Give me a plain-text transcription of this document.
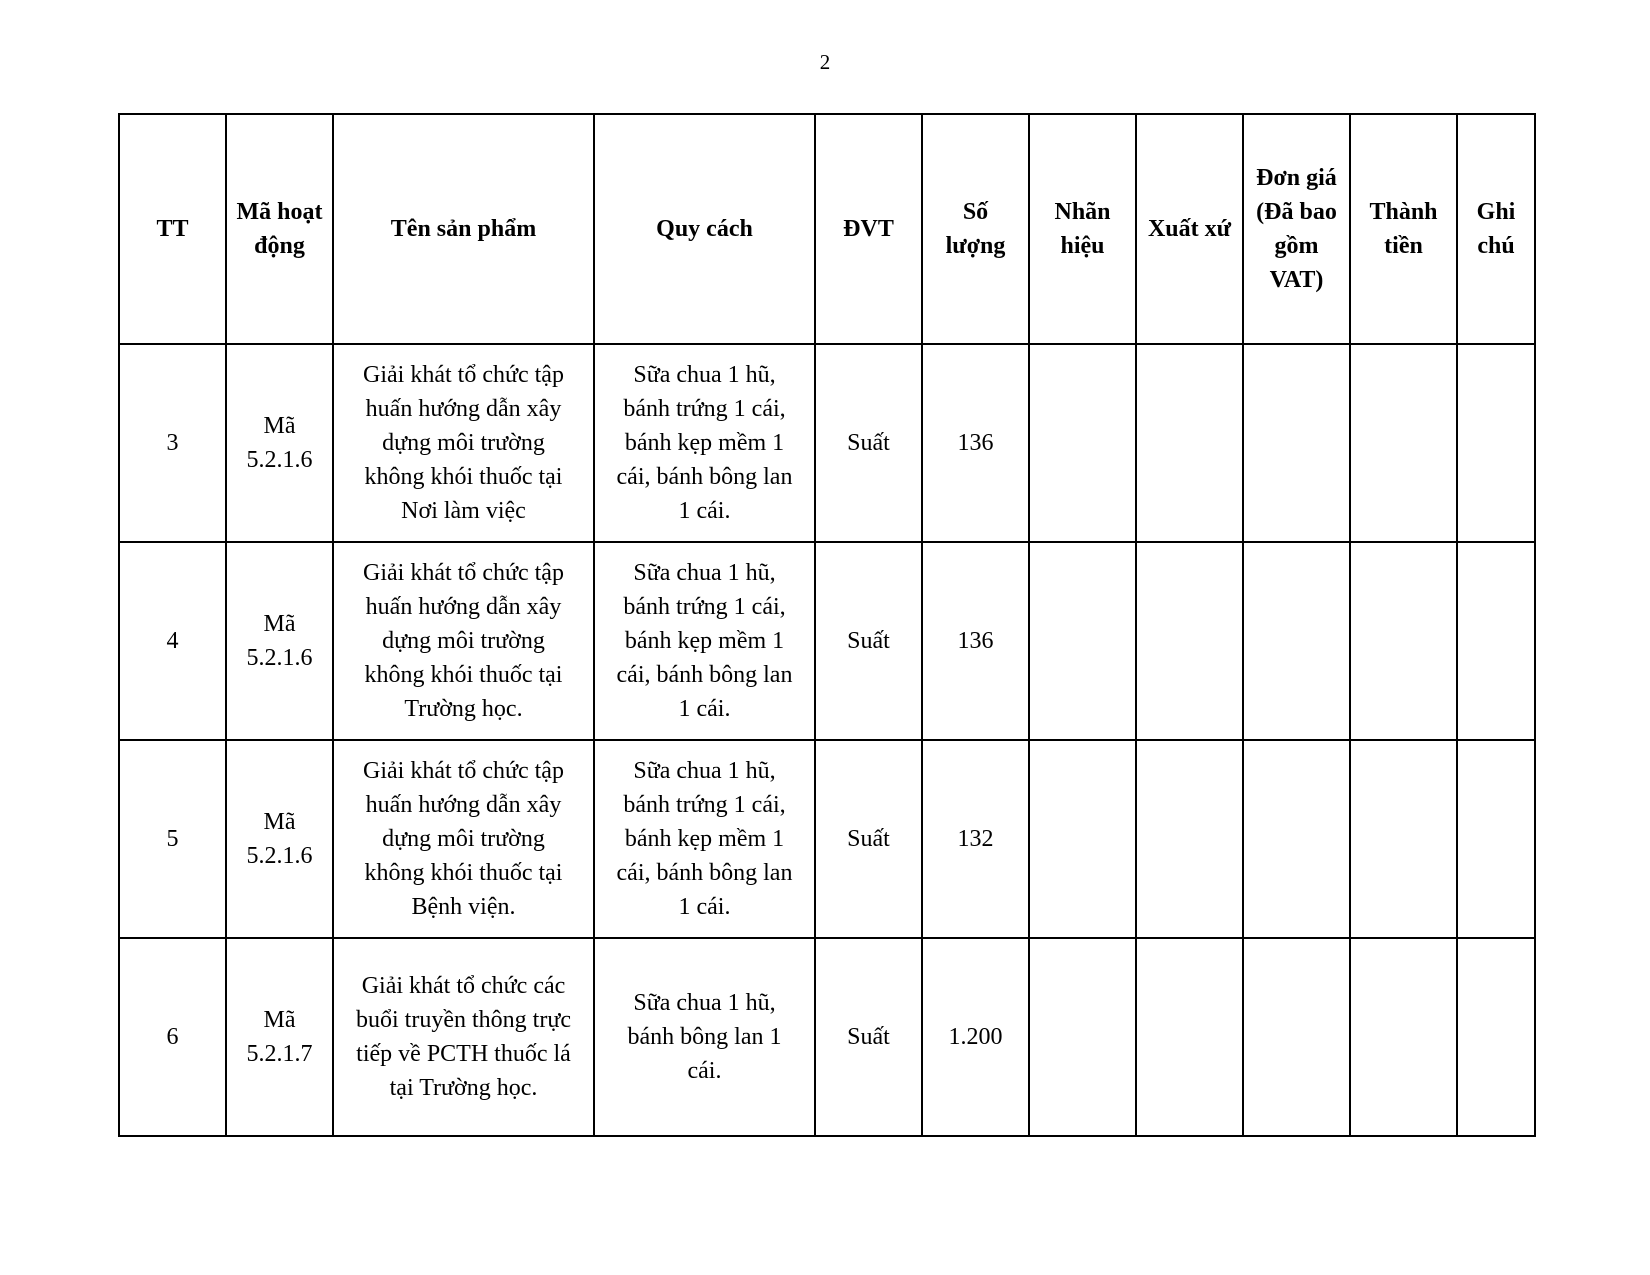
2
TT	Mã hoạt
động	Tên sản phẩm	Quy cách	ĐVT	Số
lượng	Nhãn
hiệu	Xuất xứ	Đơn giá
(Đã bao
gồm
VAT)	Thành
tiền	Ghi
chú
3	Mã
5.2.1.6	Giải khát tổ chức tập
huấn hướng dẫn xây
dựng môi trường
không khói thuốc tại
Nơi làm việc	Sữa chua 1 hũ,
bánh trứng 1 cái,
bánh kẹp mềm 1
cái, bánh bông lan
1 cái.	Suất	136					
4	Mã
5.2.1.6	Giải khát tổ chức tập
huấn hướng dẫn xây
dựng môi trường
không khói thuốc tại
Trường học.	Sữa chua 1 hũ,
bánh trứng 1 cái,
bánh kẹp mềm 1
cái, bánh bông lan
1 cái.	Suất	136					
5	Mã
5.2.1.6	Giải khát tổ chức tập
huấn hướng dẫn xây
dựng môi trường
không khói thuốc tại
Bệnh viện.	Sữa chua 1 hũ,
bánh trứng 1 cái,
bánh kẹp mềm 1
cái, bánh bông lan
1 cái.	Suất	132					
6	Mã
5.2.1.7	Giải khát tổ chức các
buổi truyền thông trực
tiếp về PCTH thuốc lá
tại Trường học.	Sữa chua 1 hũ,
bánh bông lan 1
cái.	Suất	1.200					
